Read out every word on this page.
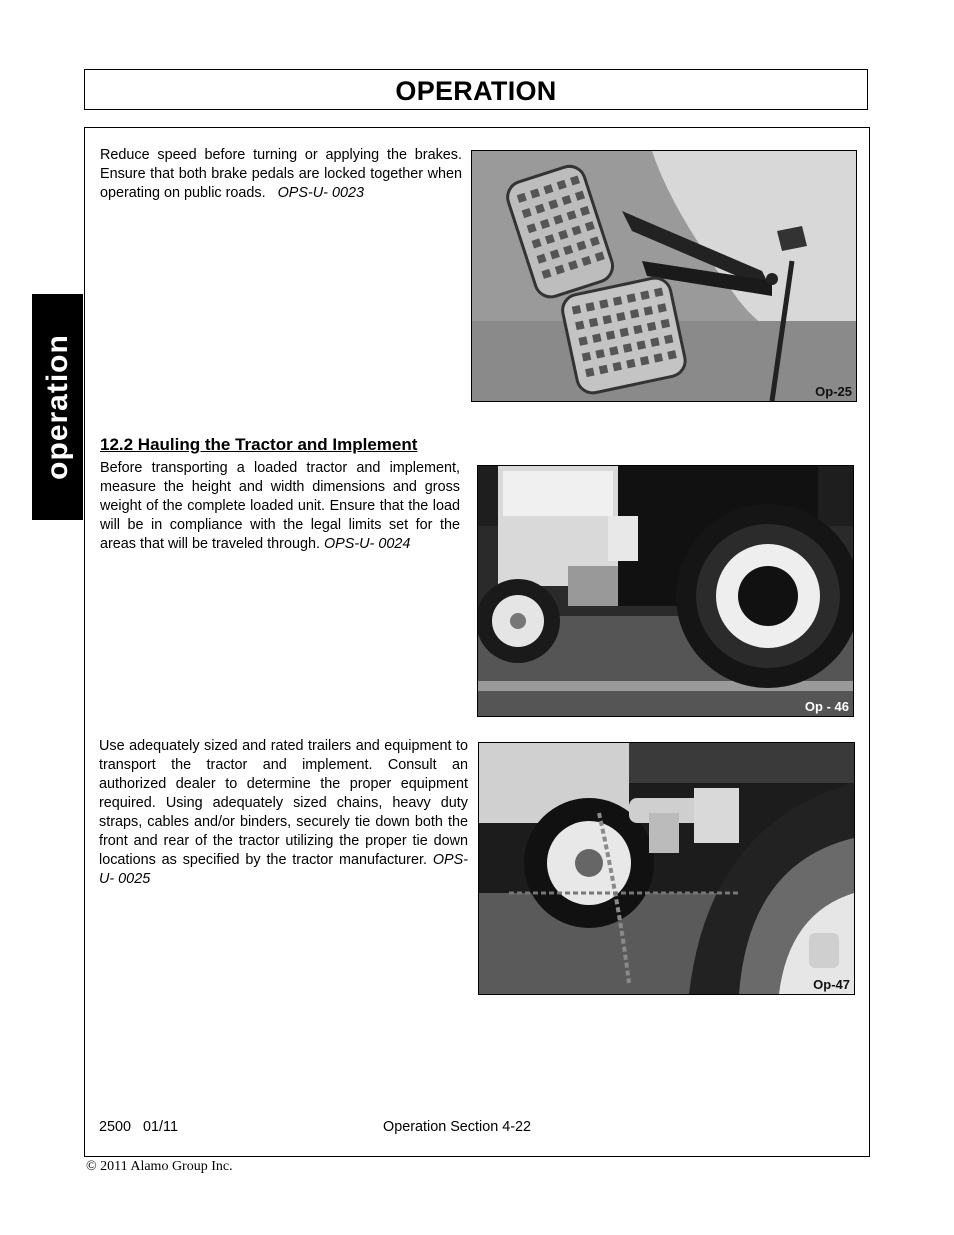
OPERATION
operation
Reduce speed before turning or applying the brakes. Ensure that both brake pedals are locked together when operating on public roads. OPS-U- 0023
Op-25
12.2 Hauling the Tractor and Implement
Before transporting a loaded tractor and implement, measure the height and width dimensions and gross weight of the complete loaded unit. Ensure that the load will be in compliance with the legal limits set for the areas that will be traveled through. OPS-U- 0024
Op - 46
Use adequately sized and rated trailers and equipment to transport the tractor and implement. Consult an authorized dealer to determine the proper equipment required. Using adequately sized chains, heavy duty straps, cables and/or binders, securely tie down both the front and rear of the tractor utilizing the proper tie down locations as specified by the tractor manufacturer. OPS-U- 0025
Op-47
2500   01/11	Operation Section 4-22
© 2011 Alamo Group Inc.
